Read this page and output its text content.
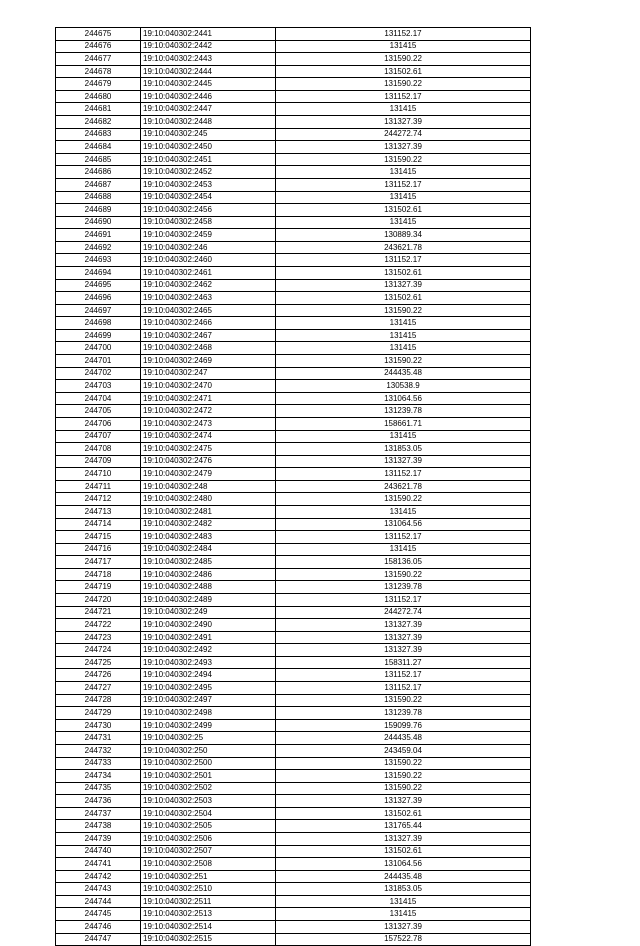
244675	19:10:040302:2441	131152.17
244676	19:10:040302:2442	131415
244677	19:10:040302:2443	131590.22
244678	19:10:040302:2444	131502.61
244679	19:10:040302:2445	131590.22
244680	19:10:040302:2446	131152.17
244681	19:10:040302:2447	131415
244682	19:10:040302:2448	131327.39
244683	19:10:040302:245	244272.74
244684	19:10:040302:2450	131327.39
244685	19:10:040302:2451	131590.22
244686	19:10:040302:2452	131415
244687	19:10:040302:2453	131152.17
244688	19:10:040302:2454	131415
244689	19:10:040302:2456	131502.61
244690	19:10:040302:2458	131415
244691	19:10:040302:2459	130889.34
244692	19:10:040302:246	243621.78
244693	19:10:040302:2460	131152.17
244694	19:10:040302:2461	131502.61
244695	19:10:040302:2462	131327.39
244696	19:10:040302:2463	131502.61
244697	19:10:040302:2465	131590.22
244698	19:10:040302:2466	131415
244699	19:10:040302:2467	131415
244700	19:10:040302:2468	131415
244701	19:10:040302:2469	131590.22
244702	19:10:040302:247	244435.48
244703	19:10:040302:2470	130538.9
244704	19:10:040302:2471	131064.56
244705	19:10:040302:2472	131239.78
244706	19:10:040302:2473	158661.71
244707	19:10:040302:2474	131415
244708	19:10:040302:2475	131853.05
244709	19:10:040302:2476	131327.39
244710	19:10:040302:2479	131152.17
244711	19:10:040302:248	243621.78
244712	19:10:040302:2480	131590.22
244713	19:10:040302:2481	131415
244714	19:10:040302:2482	131064.56
244715	19:10:040302:2483	131152.17
244716	19:10:040302:2484	131415
244717	19:10:040302:2485	158136.05
244718	19:10:040302:2486	131590.22
244719	19:10:040302:2488	131239.78
244720	19:10:040302:2489	131152.17
244721	19:10:040302:249	244272.74
244722	19:10:040302:2490	131327.39
244723	19:10:040302:2491	131327.39
244724	19:10:040302:2492	131327.39
244725	19:10:040302:2493	158311.27
244726	19:10:040302:2494	131152.17
244727	19:10:040302:2495	131152.17
244728	19:10:040302:2497	131590.22
244729	19:10:040302:2498	131239.78
244730	19:10:040302:2499	159099.76
244731	19:10:040302:25	244435.48
244732	19:10:040302:250	243459.04
244733	19:10:040302:2500	131590.22
244734	19:10:040302:2501	131590.22
244735	19:10:040302:2502	131590.22
244736	19:10:040302:2503	131327.39
244737	19:10:040302:2504	131502.61
244738	19:10:040302:2505	131765.44
244739	19:10:040302:2506	131327.39
244740	19:10:040302:2507	131502.61
244741	19:10:040302:2508	131064.56
244742	19:10:040302:251	244435.48
244743	19:10:040302:2510	131853.05
244744	19:10:040302:2511	131415
244745	19:10:040302:2513	131415
244746	19:10:040302:2514	131327.39
244747	19:10:040302:2515	157522.78
